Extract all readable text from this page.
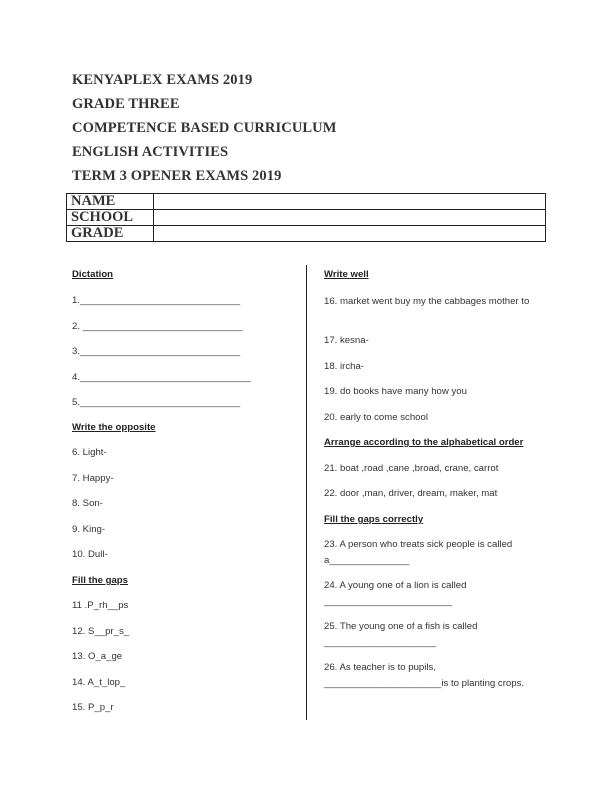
KENYAPLEX EXAMS 2019
GRADE THREE
COMPETENCE BASED CURRICULUM
ENGLISH ACTIVITIES
TERM 3 OPENER EXAMS 2019
NAME	
SCHOOL	
GRADE	
Dictation
1.______________________________
2. ______________________________
3.______________________________
4.________________________________
5.______________________________
Write the opposite
6. Light-
7. Happy-
8. Son-
9. King-
10. Dull-
Fill the gaps
11 .P_rh__ps
12. S__pr_s_
13. O_a_ge
14. A_t_lop_
15. P_p_r
Write well
16. market went buy my the cabbages mother to
17. kesna-
18. ircha-
19. do books have many how you
20. early to come school
Arrange according to the alphabetical order
21. boat ,road ,cane ,broad, crane, carrot
22. door ,man, driver, dream, maker, mat
Fill the gaps correctly
23. A person who treats sick people is called
a_______________
24. A young one of a lion is called
________________________
25. The young one of a fish is called
_____________________
26. As teacher is to pupils,
______________________is to planting crops.
